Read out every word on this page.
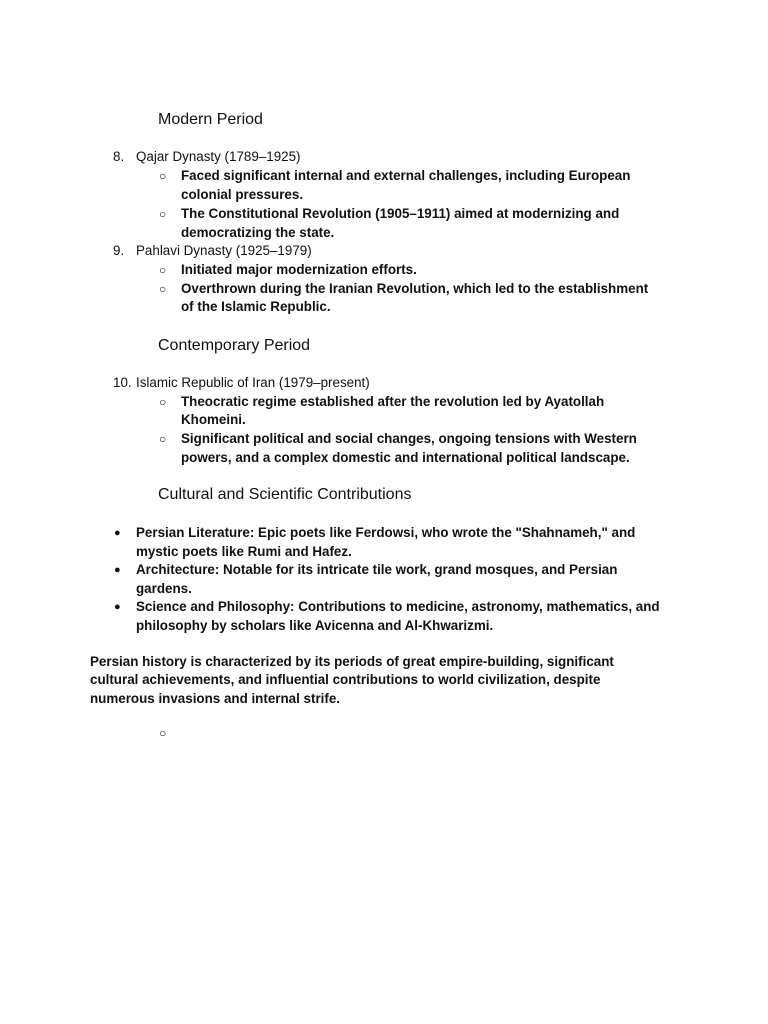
Modern Period
8. Qajar Dynasty (1789–1925)
○ Faced significant internal and external challenges, including European
colonial pressures.
○ The Constitutional Revolution (1905–1911) aimed at modernizing and
democratizing the state.
9. Pahlavi Dynasty (1925–1979)
○ Initiated major modernization efforts.
○ Overthrown during the Iranian Revolution, which led to the establishment
of the Islamic Republic.
Contemporary Period
10. Islamic Republic of Iran (1979–present)
○ Theocratic regime established after the revolution led by Ayatollah
Khomeini.
○ Significant political and social changes, ongoing tensions with Western
powers, and a complex domestic and international political landscape.
Cultural and Scientific Contributions
● Persian Literature: Epic poets like Ferdowsi, who wrote the "Shahnameh," and
mystic poets like Rumi and Hafez.
● Architecture: Notable for its intricate tile work, grand mosques, and Persian
gardens.
● Science and Philosophy: Contributions to medicine, astronomy, mathematics, and
philosophy by scholars like Avicenna and Al-Khwarizmi.
Persian history is characterized by its periods of great empire-building, significant
cultural achievements, and influential contributions to world civilization, despite
numerous invasions and internal strife.
○
